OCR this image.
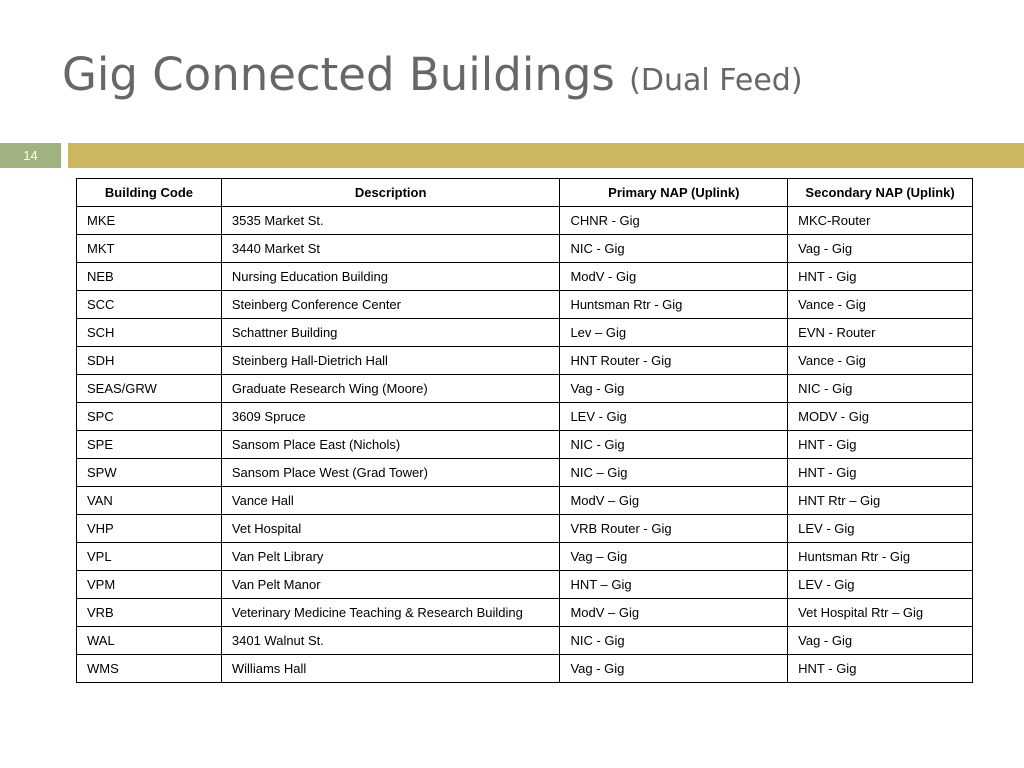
Gig Connected Buildings (Dual Feed)
14
Building Code	Description	Primary NAP (Uplink)	Secondary NAP (Uplink)
MKE	3535 Market St.	CHNR - Gig	MKC-Router
MKT	3440 Market St	NIC - Gig	Vag - Gig
NEB	Nursing Education Building	ModV - Gig	HNT - Gig
SCC	Steinberg Conference Center	Huntsman Rtr - Gig	Vance - Gig
SCH	Schattner Building	Lev – Gig	EVN - Router
SDH	Steinberg Hall-Dietrich Hall	HNT Router - Gig	Vance - Gig
SEAS/GRW	Graduate Research Wing (Moore)	Vag - Gig	NIC - Gig
SPC	3609 Spruce	LEV - Gig	MODV - Gig
SPE	Sansom Place East (Nichols)	NIC - Gig	HNT - Gig
SPW	Sansom Place West (Grad Tower)	NIC – Gig	HNT - Gig
VAN	Vance Hall	ModV – Gig	HNT Rtr – Gig
VHP	Vet Hospital	VRB Router - Gig	LEV - Gig
VPL	Van Pelt Library	Vag – Gig	Huntsman Rtr - Gig
VPM	Van Pelt Manor	HNT – Gig	LEV - Gig
VRB	Veterinary Medicine Teaching & Research Building	ModV – Gig	Vet Hospital Rtr – Gig
WAL	3401 Walnut St.	NIC - Gig	Vag - Gig
WMS	Williams Hall	Vag - Gig	HNT - Gig
